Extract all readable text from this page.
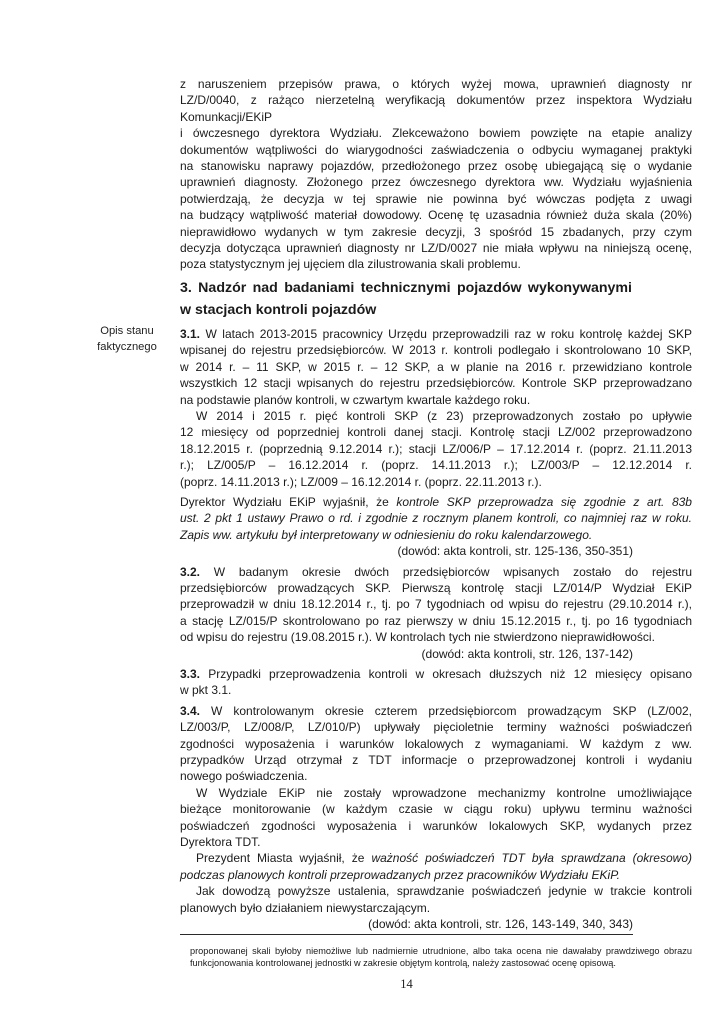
Opis stanu
faktycznego
z naruszeniem przepisów prawa, o których wyżej mowa, uprawnień diagnosty nr
LZ/D/0040, z rażąco nierzetelną weryfikacją dokumentów przez inspektora Wydziału
Komunkacji/EKiP
i ówczesnego dyrektora Wydziału. Zlekceważono bowiem powzięte na etapie analizy
dokumentów wątpliwości do wiarygodności zaświadczenia o odbyciu wymaganej praktyki
na stanowisku naprawy pojazdów, przedłożonego przez osobę ubiegającą się o wydanie
uprawnień diagnosty. Złożonego przez ówczesnego dyrektora ww. Wydziału wyjaśnienia
potwierdzają, że decyzja w tej sprawie nie powinna być wówczas podjęta z uwagi
na budzący wątpliwość materiał dowodowy. Ocenę tę uzasadnia również duża skala (20%)
nieprawidłowo wydanych w tym zakresie decyzji, 3 spośród 15 zbadanych, przy czym
decyzja dotycząca uprawnień diagnosty nr LZ/D/0027 nie miała wpływu na niniejszą ocenę,
poza statystycznym jej ujęciem dla zilustrowania skali problemu.
3. Nadzór nad badaniami technicznymi pojazdów wykonywanymi
w stacjach kontroli pojazdów
3.1. W latach 2013-2015 pracownicy Urzędu przeprowadzili raz w roku kontrolę każdej SKP
wpisanej do rejestru przedsiębiorców. W 2013 r. kontroli podlegało i skontrolowano 10 SKP,
w 2014 r. – 11 SKP, w 2015 r. – 12 SKP, a w planie na 2016 r. przewidziano kontrole
wszystkich 12 stacji wpisanych do rejestru przedsiębiorców. Kontrole SKP przeprowadzano
na podstawie planów kontroli, w czwartym kwartale każdego roku.
W 2014 i 2015 r. pięć kontroli SKP (z 23) przeprowadzonych zostało po upływie
12 miesięcy od poprzedniej kontroli danej stacji. Kontrolę stacji LZ/002 przeprowadzono
18.12.2015 r. (poprzednią 9.12.2014 r.); stacji LZ/006/P – 17.12.2014 r. (poprz. 21.11.2013
r.); LZ/005/P – 16.12.2014 r. (poprz. 14.11.2013 r.); LZ/003/P – 12.12.2014 r.
(poprz. 14.11.2013 r.); LZ/009 – 16.12.2014 r. (poprz. 22.11.2013 r.).
Dyrektor Wydziału EKiP wyjaśnił, że kontrole SKP przeprowadza się zgodnie z art. 83b
ust. 2 pkt 1 ustawy Prawo o rd. i zgodnie z rocznym planem kontroli, co najmniej raz w roku.
Zapis ww. artykułu był interpretowany w odniesieniu do roku kalendarzowego.
(dowód: akta kontroli, str. 125-136, 350-351)
3.2. W badanym okresie dwóch przedsiębiorców wpisanych zostało do rejestru
przedsiębiorców prowadzących SKP. Pierwszą kontrolę stacji LZ/014/P Wydział EKiP
przeprowadził w dniu 18.12.2014 r., tj. po 7 tygodniach od wpisu do rejestru (29.10.2014 r.),
a stację LZ/015/P skontrolowano po raz pierwszy w dniu 15.12.2015 r., tj. po 16 tygodniach
od wpisu do rejestru (19.08.2015 r.). W kontrolach tych nie stwierdzono nieprawidłowości.
(dowód: akta kontroli, str. 126, 137-142)
3.3. Przypadki przeprowadzenia kontroli w okresach dłuższych niż 12 miesięcy opisano
w pkt 3.1.
3.4. W kontrolowanym okresie czterem przedsiębiorcom prowadzącym SKP (LZ/002,
LZ/003/P, LZ/008/P, LZ/010/P) upływały pięcioletnie terminy ważności poświadczeń
zgodności wyposażenia i warunków lokalowych z wymaganiami. W każdym z ww.
przypadków Urząd otrzymał z TDT informacje o przeprowadzonej kontroli i wydaniu
nowego poświadczenia.
W Wydziale EKiP nie zostały wprowadzone mechanizmy kontrolne umożliwiające
bieżące monitorowanie (w każdym czasie w ciągu roku) upływu terminu ważności
poświadczeń zgodności wyposażenia i warunków lokalowych SKP, wydanych przez
Dyrektora TDT.
Prezydent Miasta wyjaśnił, że ważność poświadczeń TDT była sprawdzana (okresowo)
podczas planowych kontroli przeprowadzanych przez pracowników Wydziału EKiP.
Jak dowodzą powyższe ustalenia, sprawdzanie poświadczeń jedynie w trakcie kontroli
planowych było działaniem niewystarczającym.
(dowód: akta kontroli, str. 126, 143-149, 340, 343)
proponowanej skali byłoby niemożliwe lub nadmiernie utrudnione, albo taka ocena nie dawałaby prawdziwego obrazu
funkcjonowania kontrolowanej jednostki w zakresie objętym kontrolą, należy zastosować ocenę opisową.
14
